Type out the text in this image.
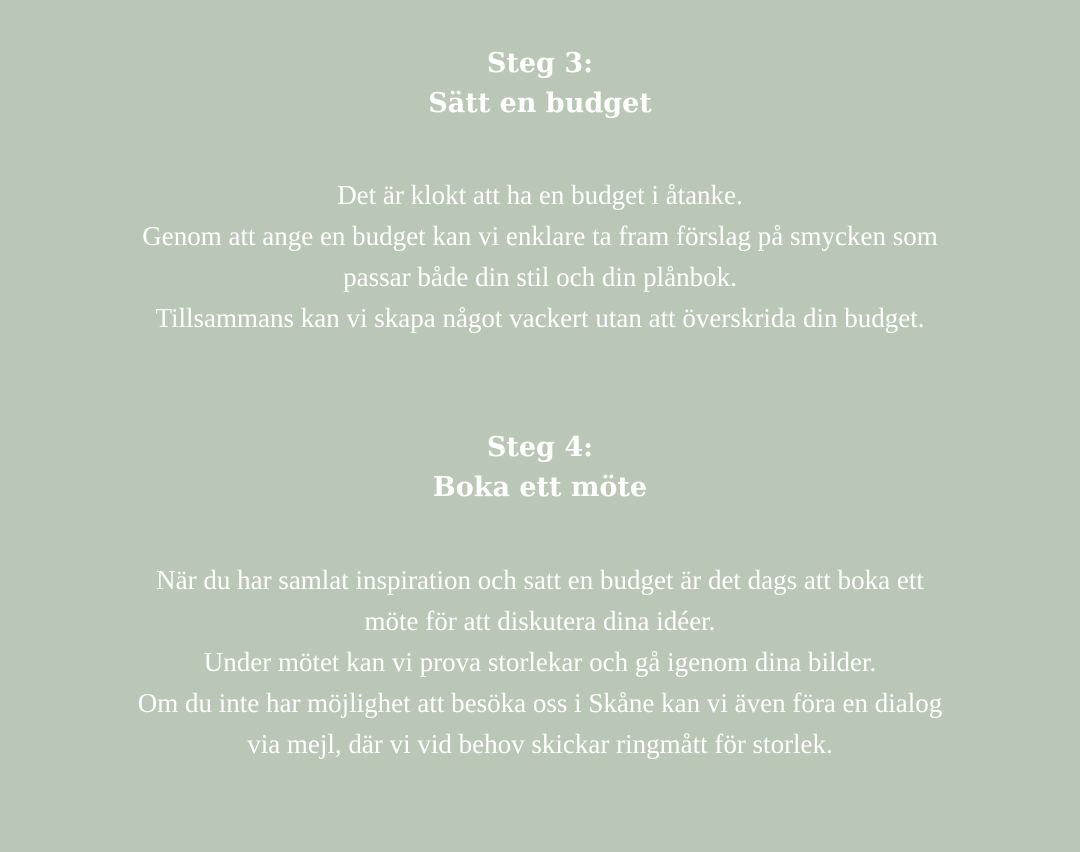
Steg 3:
Sätt en budget

Det är klokt att ha en budget i åtanke.
Genom att ange en budget kan vi enklare ta fram förslag på smycken som
passar både din stil och din plånbok.
Tillsammans kan vi skapa något vackert utan att överskrida din budget.

Steg 4:
Boka ett möte

När du har samlat inspiration och satt en budget är det dags att boka ett
möte för att diskutera dina idéer.
Under mötet kan vi prova storlekar och gå igenom dina bilder.
Om du inte har möjlighet att besöka oss i Skåne kan vi även föra en dialog
via mejl, där vi vid behov skickar ringmått för storlek.
